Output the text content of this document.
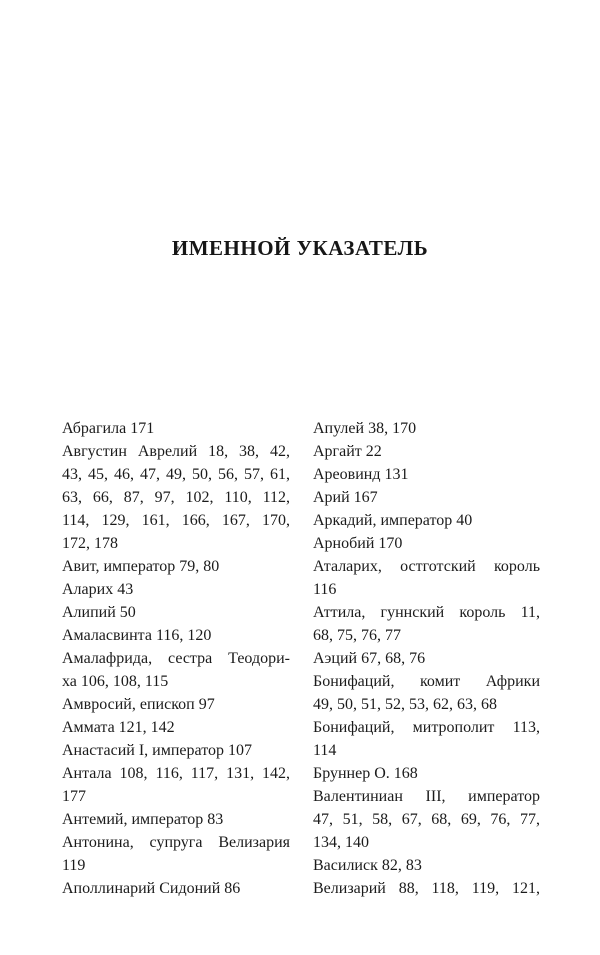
ИМЕННОЙ УКАЗАТЕЛЬ
Абрагила 171
Августин Аврелий 18, 38, 42,
43, 45, 46, 47, 49, 50, 56, 57, 61,
63, 66, 87, 97, 102, 110, 112,
114, 129, 161, 166, 167, 170,
172, 178
Авит, император 79, 80
Аларих 43
Алипий 50
Амаласвинта 116, 120
Амалафрида, сестра Теодори-
ха 106, 108, 115
Амвросий, епископ 97
Аммата 121, 142
Анастасий I, император 107
Антала 108, 116, 117, 131, 142,
177
Антемий, император 83
Антонина, супруга Велизария
119
Аполлинарий Сидоний 86
Апулей 38, 170
Аргайт 22
Ареовинд 131
Арий 167
Аркадий, император 40
Арнобий 170
Аталарих, остготский король
116
Аттила, гуннский король 11,
68, 75, 76, 77
Аэций 67, 68, 76
Бонифаций, комит Африки
49, 50, 51, 52, 53, 62, 63, 68
Бонифаций, митрополит 113,
114
Бруннер О. 168
Валентиниан III, император
47, 51, 58, 67, 68, 69, 76, 77,
134, 140
Василиск 82, 83
Велизарий 88, 118, 119, 121,
